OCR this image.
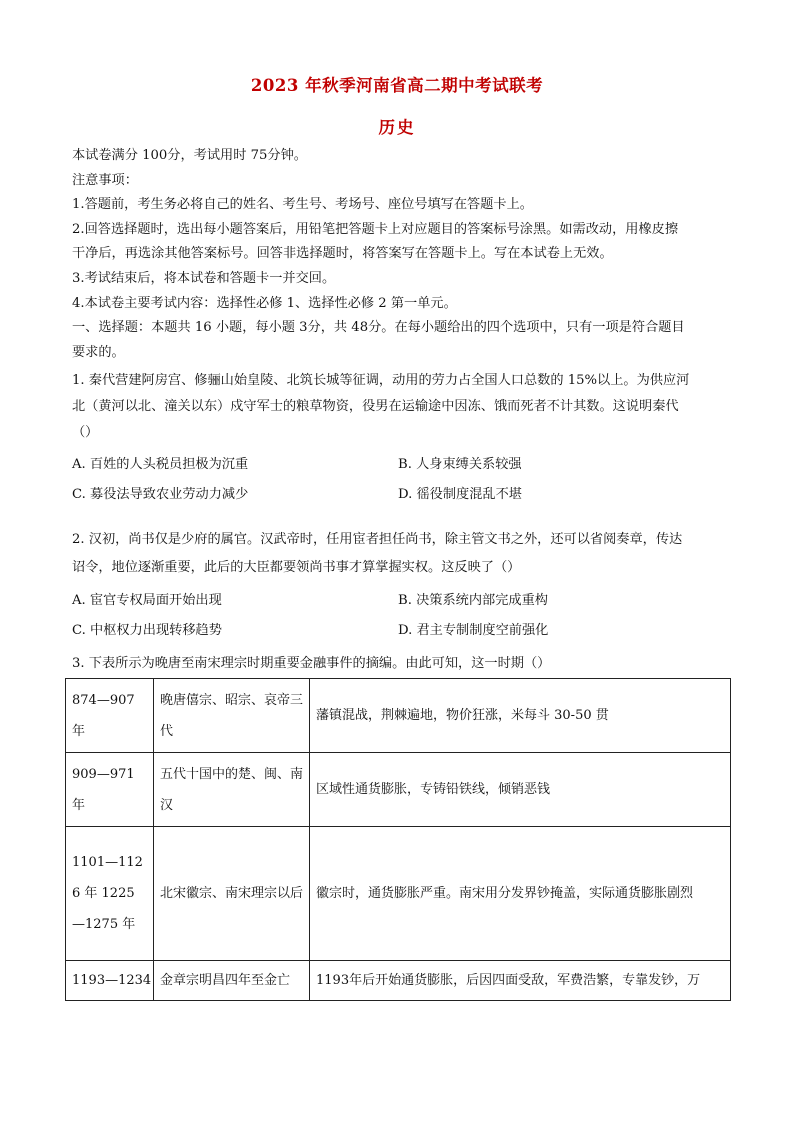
2023 年秋季河南省高二期中考试联考
历史
本试卷满分 100分，考试用时 75分钟。
注意事项：
1.答题前，考生务必将自己的姓名、考生号、考场号、座位号填写在答题卡上。
2.回答选择题时，选出每小题答案后，用铅笔把答题卡上对应题目的答案标号涂黑。如需改动，用橡皮擦
干净后，再选涂其他答案标号。回答非选择题时，将答案写在答题卡上。写在本试卷上无效。
3.考试结束后，将本试卷和答题卡一并交回。
4.本试卷主要考试内容：选择性必修 1、选择性必修 2 第一单元。
一、选择题：本题共 16 小题，每小题 3分，共 48分。在每小题给出的四个选项中，只有一项是符合题目
要求的。
1. 秦代营建阿房宫、修骊山始皇陵、北筑长城等征调，动用的劳力占全国人口总数的 15%以上。为供应河
北（黄河以北、潼关以东）戍守军士的粮草物资，役男在运输途中因冻、饿而死者不计其数。这说明秦代
（）
A. 百姓的人头税员担极为沉重	B. 人身束缚关系较强
C. 募役法导致农业劳动力减少	D. 徭役制度混乱不堪
2. 汉初，尚书仅是少府的属官。汉武帝时，任用宦者担任尚书，除主管文书之外，还可以省阅奏章，传达
诏令，地位逐渐重要，此后的大臣都要领尚书事才算掌握实权。这反映了（）
A. 宦官专权局面开始出现	B. 决策系统内部完成重构
C. 中枢权力出现转移趋势	D. 君主专制制度空前强化
3. 下表所示为晚唐至南宋理宗时期重要金融事件的摘编。由此可知，这一时期（）
874—907 年	晚唐僖宗、昭宗、哀帝三代	藩镇混战，荆棘遍地，物价狂涨，米每斗 30-50 贯
909—971 年	五代十国中的楚、闽、南汉	区域性通货膨胀，专铸铅铁线，倾销恶钱
1101—1126 年 1225—1275 年	北宋徽宗、南宋理宗以后	徽宗时，通货膨胀严重。南宋用分发界钞掩盖，实际通货膨胀剧烈
1193—1234	金章宗明昌四年至金亡	1193年后开始通货膨胀，后因四面受敌，军费浩繁，专靠发钞，万
